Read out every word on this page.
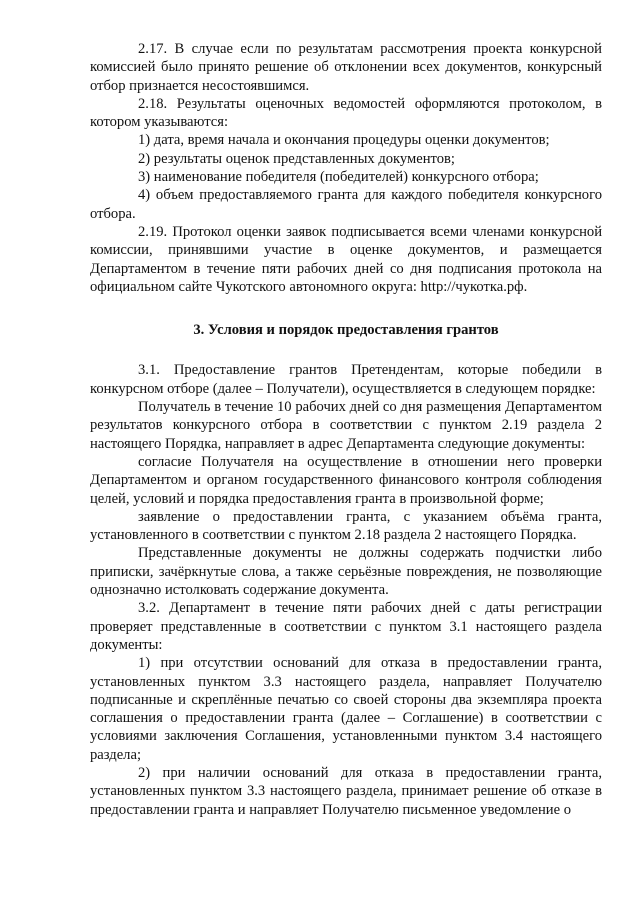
2.17. В случае если по результатам рассмотрения проекта конкурсной комиссией было принято решение об отклонении всех документов, конкурсный отбор признается несостоявшимся.

2.18. Результаты оценочных ведомостей оформляются протоколом, в котором указываются:

1) дата, время начала и окончания процедуры оценки документов;

2) результаты оценок представленных документов;

3) наименование победителя (победителей) конкурсного отбора;

4) объем предоставляемого гранта для каждого победителя конкурсного отбора.

2.19. Протокол оценки заявок подписывается всеми членами конкурсной комиссии, принявшими участие в оценке документов, и размещается Департаментом в течение пяти рабочих дней со дня подписания протокола на официальном сайте Чукотского автономного округа: http://чукотка.рф.

3. Условия и порядок предоставления грантов

3.1. Предоставление грантов Претендентам, которые победили в конкурсном отборе (далее – Получатели), осуществляется в следующем порядке:

Получатель в течение 10 рабочих дней со дня размещения Департаментом результатов конкурсного отбора в соответствии с пунктом 2.19 раздела 2 настоящего Порядка, направляет в адрес Департамента следующие документы:

согласие Получателя на осуществление в отношении него проверки Департаментом и органом государственного финансового контроля соблюдения целей, условий и порядка предоставления гранта в произвольной форме;

заявление о предоставлении гранта, с указанием объёма гранта, установленного в соответствии с пунктом 2.18 раздела 2 настоящего Порядка.

Представленные документы не должны содержать подчистки либо приписки, зачёркнутые слова, а также серьёзные повреждения, не позволяющие однозначно истолковать содержание документа.

3.2. Департамент в течение пяти рабочих дней с даты регистрации проверяет представленные в соответствии с пунктом 3.1 настоящего раздела документы:

1) при отсутствии оснований для отказа в предоставлении гранта, установленных пунктом 3.3 настоящего раздела, направляет Получателю подписанные и скреплённые печатью со своей стороны два экземпляра проекта соглашения о предоставлении гранта (далее – Соглашение) в соответствии с условиями заключения Соглашения, установленными пунктом 3.4 настоящего раздела;

2) при наличии оснований для отказа в предоставлении гранта, установленных пунктом 3.3 настоящего раздела, принимает решение об отказе в предоставлении гранта и направляет Получателю письменное уведомление о
